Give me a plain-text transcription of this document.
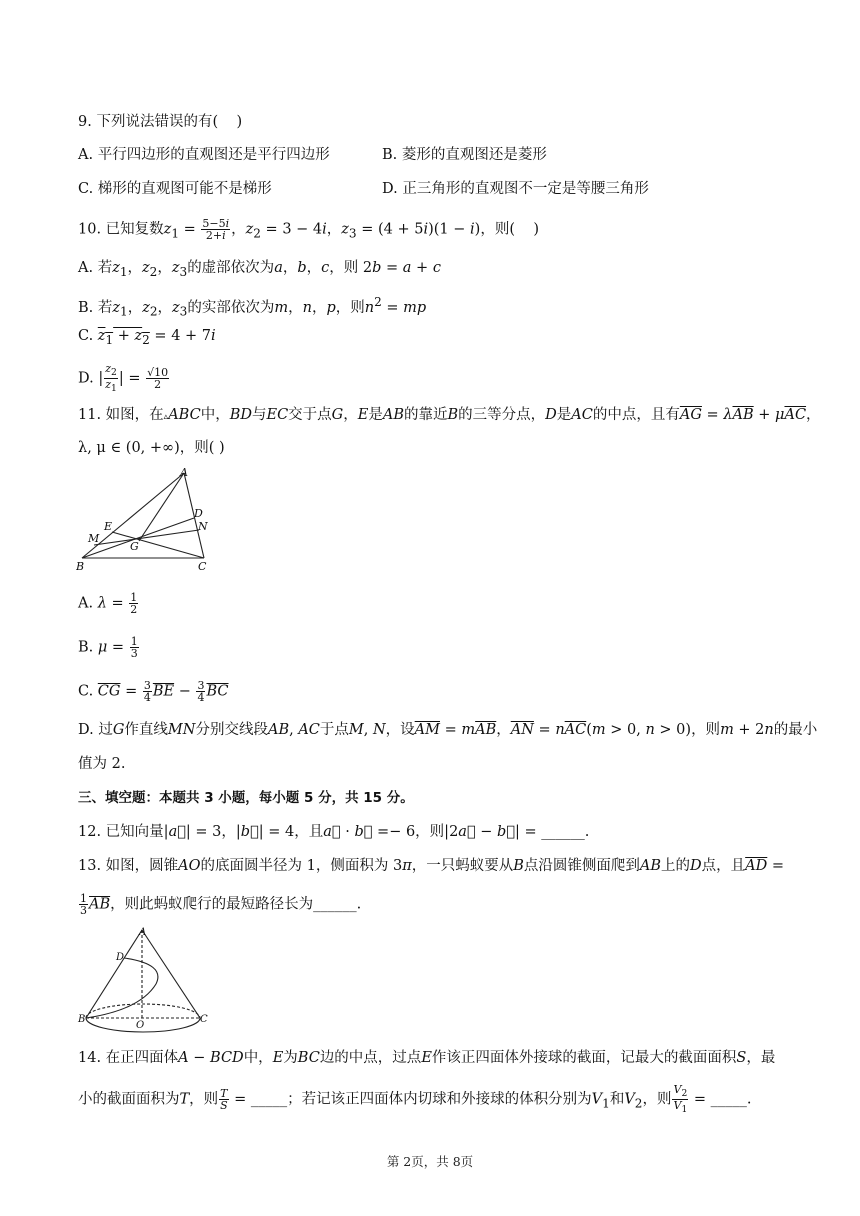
9. 下列说法错误的有(    )
A. 平行四边形的直观图还是平行四边形	B. 菱形的直观图还是菱形
C. 梯形的直观图可能不是梯形	D. 正三角形的直观图不一定是等腰三角形
10. 已知复数$z_1 = \frac{5-5i}{2+i}$ ，$z_2 = 3 - 4i$，$z_3 = (4 + 5i)(1 - i)$，则(    )
A. 若$z_1$，$z_2$，$z_3$的虚部依次为a，b，c，则 2b = a + c
B. 若$z_1$，$z_2$，$z_3$的实部依次为m，n，p，则$n^2$ = mp
C. $z_1 + z_2 = 4 + 7i$
D. | $\frac{z_2}{z_1}$ | = $\frac{√10}{2}$
11. 如图，在▵ABC中，BD与EC交于点G，E是AB的靠近B的三等分点，D是AC的中点，且有$\overline{AG} = \lambda\overline{AB} + \mu\overline{AC}$，
λ, μ ∈ (0, +∞)，则( )
A
D
N
E
M
G
B	C
A. $\lambda = \frac{1}{2}$
B. $\mu = \frac{1}{3}$
C. $\overline{CG} = \frac{3}{4} \overline{BE} - \frac{3}{4} \overline{BC}$
D. 过G作直线MN分别交线段AB, AC于点M, N，设$\overline{AM} = m\overline{AB}$，$\overline{AN} = n\overline{AC}(m > 0$, n > 0)，则m + 2n的最小
值为 2.
三、填空题：本题共 3 小题，每小题 5 分，共 15 分。
12. 已知向量|a⃗| = 3，|b⃗| = 4，且a⃗ · b⃗ =− 6，则|2a⃗ − b⃗| = ______.
13. 如图，圆锥AO的底面圆半径为 1，侧面积为 3π，一只蚂蚁要从B点沿圆锥侧面爬到AB上的D点，且$\overline{AD}$ =
$\frac{1}{3} \overline{AB}$，则此蚂蚁爬行的最短路径长为______.
A
D
B
O
C
14. 在正四面体A − BCD中，E为BC边的中点，过点E作该正四面体外接球的截面，记最大的截面面积S，最
小的截面面积为T，则 $\frac{T}{S}$ = _____；若记该正四面体内切球和外接球的体积分别为$V_1$和$V_2$，则 $\frac{V_2}{V_1}$ = _____.
第 2页，共 8页
